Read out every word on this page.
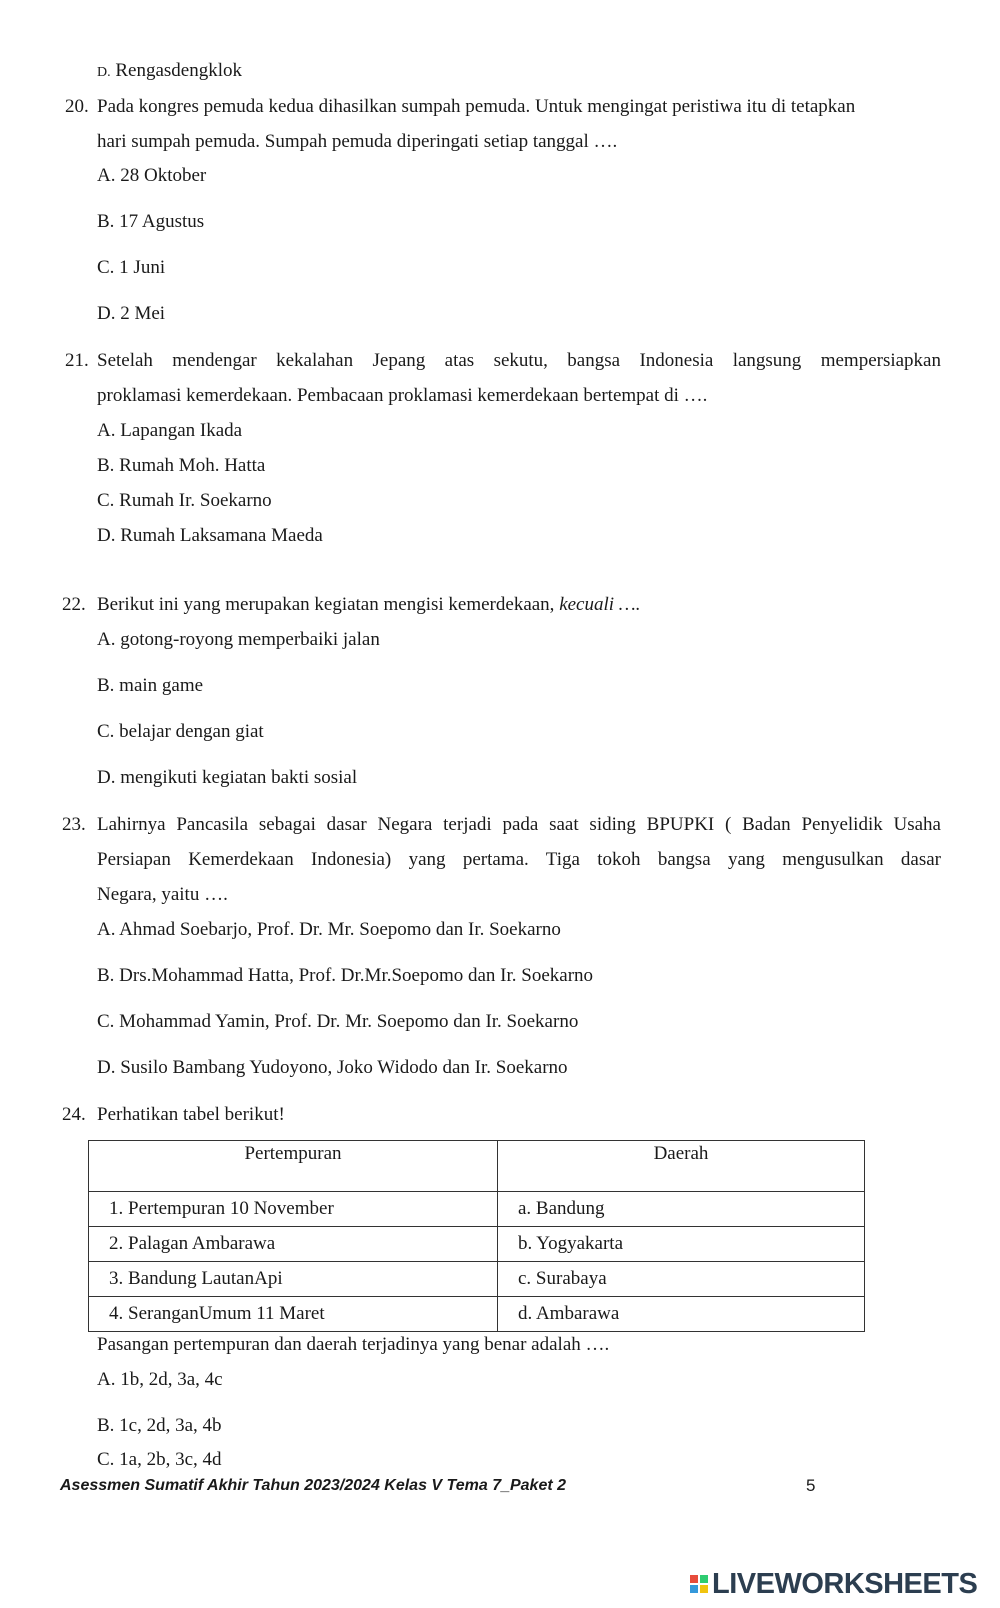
D. Rengasdengklok
20. Pada kongres pemuda kedua dihasilkan sumpah pemuda. Untuk mengingat peristiwa itu di tetapkan
hari sumpah pemuda. Sumpah pemuda diperingati setiap tanggal ….
A. 28 Oktober
B. 17 Agustus
C. 1 Juni
D. 2 Mei
21. Setelah mendengar kekalahan Jepang atas sekutu, bangsa Indonesia langsung mempersiapkan
proklamasi kemerdekaan. Pembacaan proklamasi kemerdekaan bertempat di ….
A. Lapangan Ikada
B. Rumah Moh. Hatta
C. Rumah Ir. Soekarno
D. Rumah Laksamana Maeda
22. Berikut ini yang merupakan kegiatan mengisi kemerdekaan, kecuali ….
A. gotong-royong memperbaiki jalan
B. main game
C. belajar dengan giat
D. mengikuti kegiatan bakti sosial
23. Lahirnya Pancasila sebagai dasar Negara terjadi pada saat siding BPUPKI ( Badan Penyelidik Usaha
Persiapan Kemerdekaan Indonesia) yang pertama. Tiga tokoh bangsa yang mengusulkan dasar
Negara, yaitu ….
A. Ahmad Soebarjo, Prof. Dr. Mr. Soepomo dan Ir. Soekarno
B. Drs.Mohammad Hatta, Prof. Dr.Mr.Soepomo dan Ir. Soekarno
C. Mohammad Yamin, Prof. Dr. Mr. Soepomo dan Ir. Soekarno
D. Susilo Bambang Yudoyono, Joko Widodo dan Ir. Soekarno
24. Perhatikan tabel berikut!
Pertempuran	Daerah
1. Pertempuran 10 November	a. Bandung
2. Palagan Ambarawa	b. Yogyakarta
3. Bandung LautanApi	c. Surabaya
4. SeranganUmum 11 Maret	d. Ambarawa
Pasangan pertempuran dan daerah terjadinya yang benar adalah ….
A. 1b, 2d, 3a, 4c
B. 1c, 2d, 3a, 4b
C. 1a, 2b, 3c, 4d
Asessmen Sumatif Akhir Tahun 2023/2024 Kelas V Tema 7_Paket 2	5
LIVEWORKSHEETS
